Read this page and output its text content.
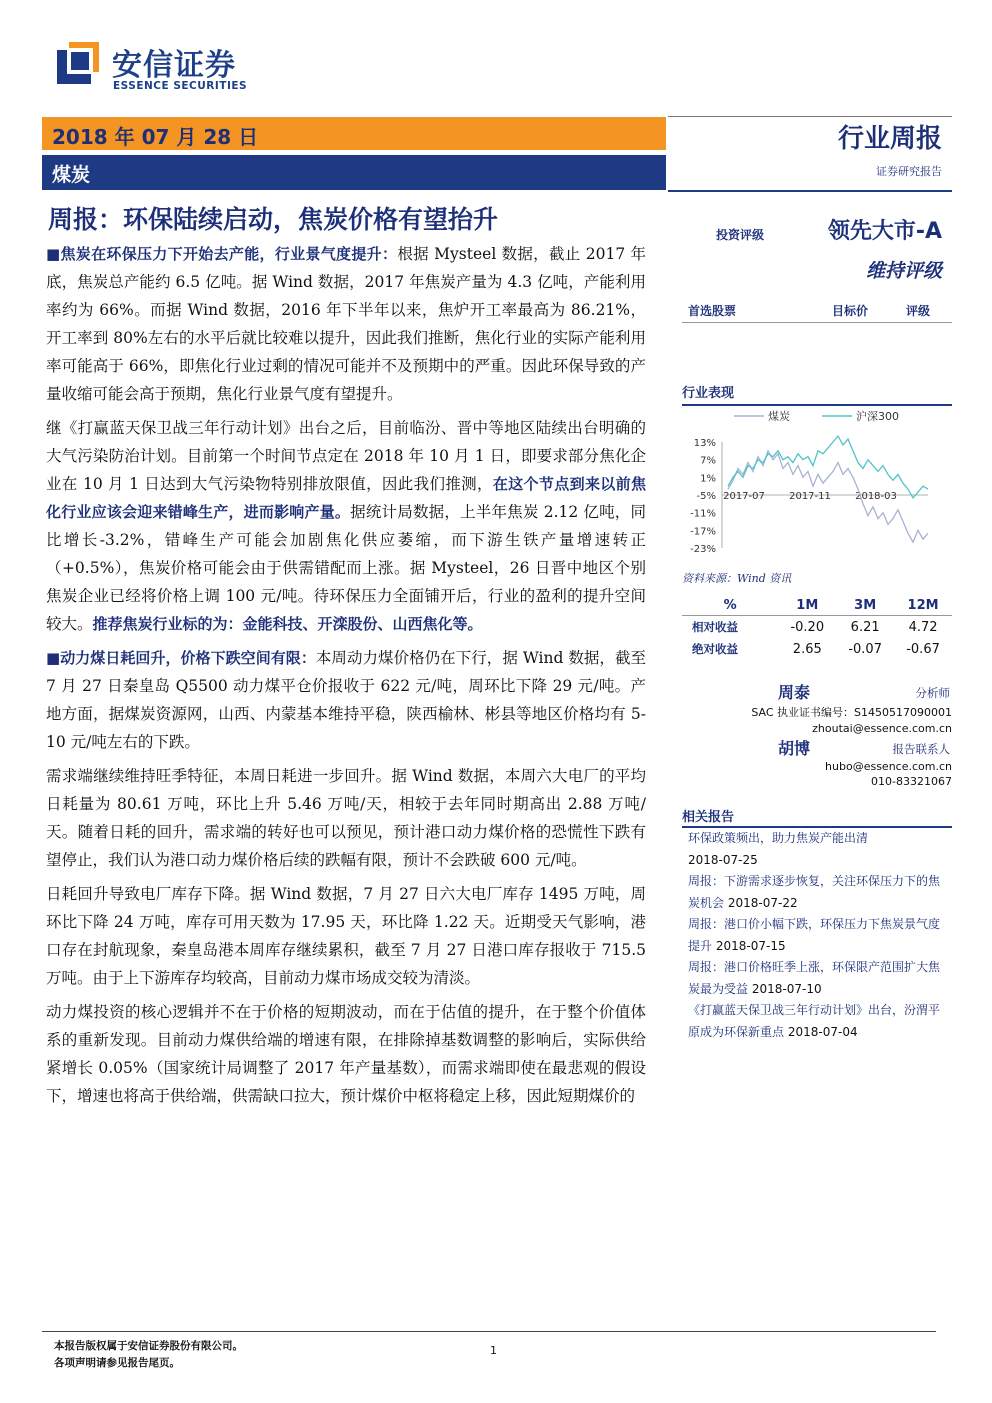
安信证券
ESSENCE SECURITIES
2018 年 07 月 28 日
煤炭
行业周报
证券研究报告
周报：环保陆续启动，焦炭价格有望抬升

■焦炭在环保压力下开始去产能，行业景气度提升：根据 Mysteel 数据，截止 2017 年底，焦炭总产能约 6.5 亿吨。据 Wind 数据，2017 年焦炭产量为 4.3 亿吨，产能利用率约为 66%。而据 Wind 数据，2016 年下半年以来，焦炉开工率最高为 86.21%，开工率到 80%左右的水平后就比较难以提升，因此我们推断，焦化行业的实际产能利用率可能高于 66%，即焦化行业过剩的情况可能并不及预期中的严重。因此环保导致的产量收缩可能会高于预期，焦化行业景气度有望提升。

继《打赢蓝天保卫战三年行动计划》出台之后，目前临汾、晋中等地区陆续出台明确的大气污染防治计划。目前第一个时间节点定在 2018 年 10 月 1 日，即要求部分焦化企业在 10 月 1 日达到大气污染物特别排放限值，因此我们推测，在这个节点到来以前焦化行业应该会迎来错峰生产，进而影响产量。据统计局数据，上半年焦炭 2.12 亿吨，同比增长-3.2%，错峰生产可能会加剧焦化供应萎缩，而下游生铁产量增速转正（+0.5%），焦炭价格可能会由于供需错配而上涨。据 Mysteel，26 日晋中地区个别焦炭企业已经将价格上调 100 元/吨。待环保压力全面铺开后，行业的盈利的提升空间较大。推荐焦炭行业标的为：金能科技、开滦股份、山西焦化等。

■动力煤日耗回升，价格下跌空间有限：本周动力煤价格仍在下行，据 Wind 数据，截至 7 月 27 日秦皇岛 Q5500 动力煤平仓价报收于 622 元/吨，周环比下降 29 元/吨。产地方面，据煤炭资源网，山西、内蒙基本维持平稳，陕西榆林、彬县等地区价格均有 5-10 元/吨左右的下跌。

需求端继续维持旺季特征，本周日耗进一步回升。据 Wind 数据，本周六大电厂的平均日耗量为 80.61 万吨，环比上升 5.46 万吨/天，相较于去年同时期高出 2.88 万吨/天。随着日耗的回升，需求端的转好也可以预见，预计港口动力煤价格的恐慌性下跌有望停止，我们认为港口动力煤价格后续的跌幅有限，预计不会跌破 600 元/吨。

日耗回升导致电厂库存下降。据 Wind 数据，7 月 27 日六大电厂库存 1495 万吨，周环比下降 24 万吨，库存可用天数为 17.95 天，环比降 1.22 天。近期受天气影响，港口存在封航现象，秦皇岛港本周库存继续累积，截至 7 月 27 日港口库存报收于 715.5 万吨。由于上下游库存均较高，目前动力煤市场成交较为清淡。

动力煤投资的核心逻辑并不在于价格的短期波动，而在于估值的提升，在于整个价值体系的重新发现。目前动力煤供给端的增速有限，在排除掉基数调整的影响后，实际供给紧增长 0.05%（国家统计局调整了 2017 年产量基数），而需求端即使在最悲观的假设下，增速也将高于供给端，供需缺口拉大，预计煤价中枢将稳定上移，因此短期煤价的

投资评级	领先大市-A
维持评级
首选股票	目标价	评级
行业表现
煤炭	沪深300
13%
7%
1%
-5%
-11%
-17%
-23%
2017-07 2017-11 2018-03
资料来源：Wind 资讯
%	1M	3M	12M
相对收益	-0.20	6.21	4.72
绝对收益	2.65	-0.07	-0.67
周泰	分析师
SAC 执业证书编号：S1450517090001
zhoutai@essence.com.cn
胡博	报告联系人
hubo@essence.com.cn
010-83321067
相关报告
环保政策频出，助力焦炭产能出清
2018-07-25
周报：下游需求逐步恢复，关注环保压力下的焦炭机会 2018-07-22
周报：港口价小幅下跌，环保压力下焦炭景气度提升 2018-07-15
周报：港口价格旺季上涨，环保限产范围扩大焦炭最为受益 2018-07-10
《打赢蓝天保卫战三年行动计划》出台，汾渭平原成为环保新重点 2018-07-04
本报告版权属于安信证券股份有限公司。
各项声明请参见报告尾页。
1
